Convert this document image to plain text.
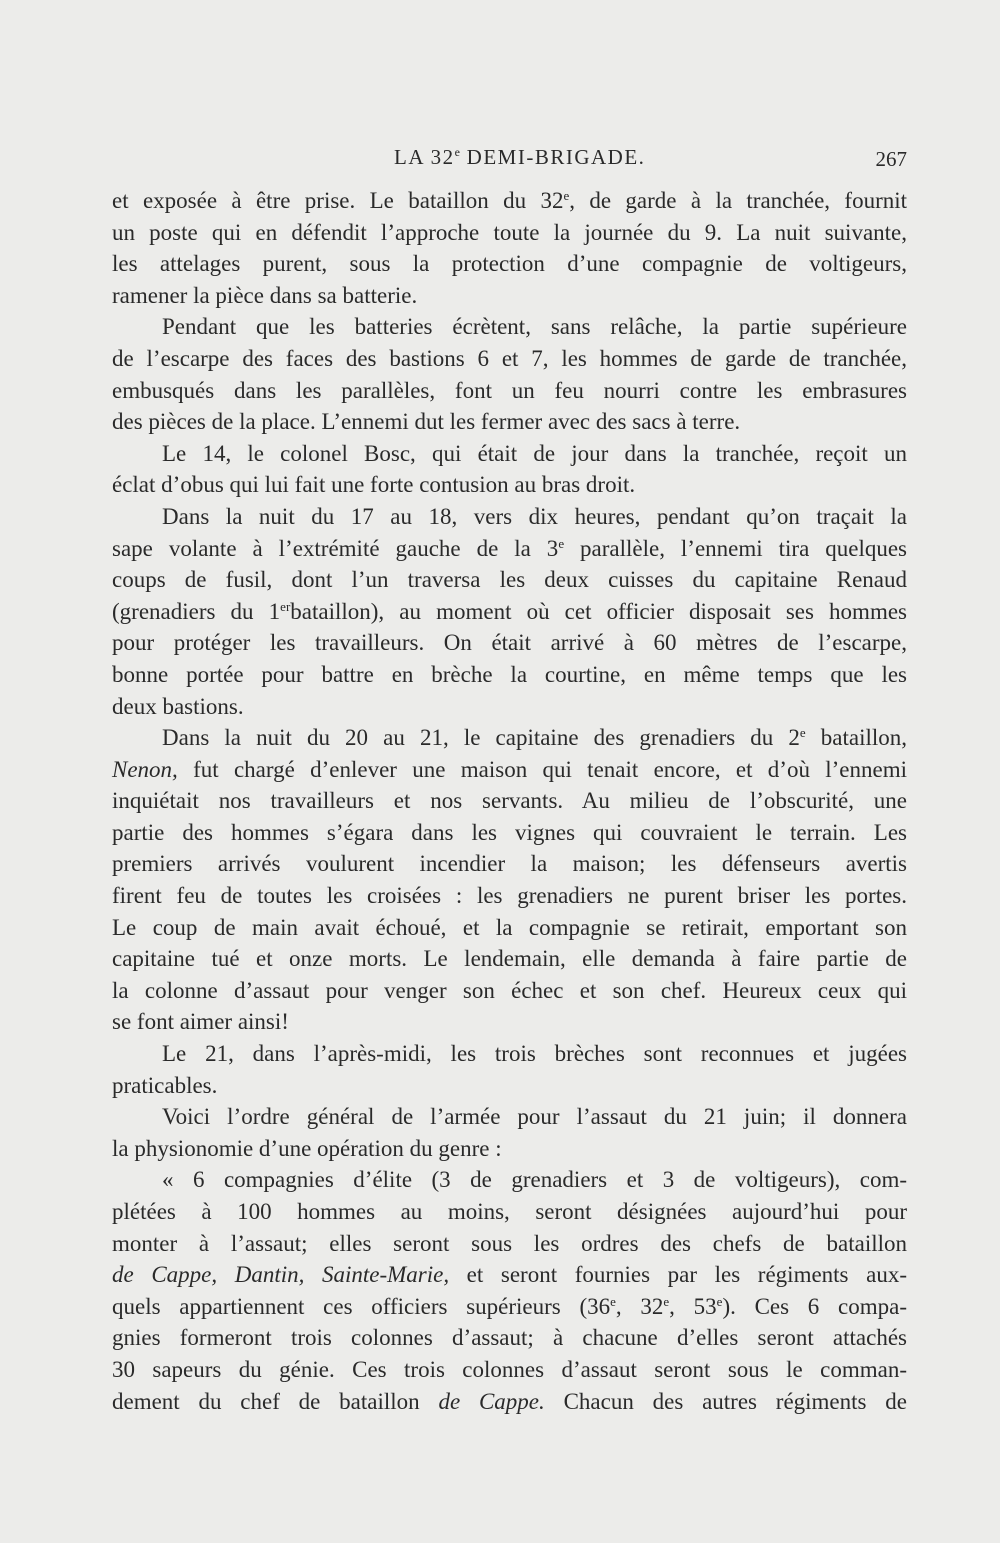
LA 32e DEMI-BRIGADE.	267
et exposée à être prise. Le bataillon du 32e, de garde à la tranchée, fournit
un poste qui en défendit l’approche toute la journée du 9. La nuit suivante,
les attelages purent, sous la protection d’une compagnie de voltigeurs,
ramener la pièce dans sa batterie.
Pendant que les batteries écrètent, sans relâche, la partie supérieure
de l’escarpe des faces des bastions 6 et 7, les hommes de garde de tranchée,
embusqués dans les parallèles, font un feu nourri contre les embrasures
des pièces de la place. L’ennemi dut les fermer avec des sacs à terre.
Le 14, le colonel Bosc, qui était de jour dans la tranchée, reçoit un
éclat d’obus qui lui fait une forte contusion au bras droit.
Dans la nuit du 17 au 18, vers dix heures, pendant qu’on traçait la
sape volante à l’extrémité gauche de la 3e parallèle, l’ennemi tira quelques
coups de fusil, dont l’un traversa les deux cuisses du capitaine Renaud
(grenadiers du 1erbataillon), au moment où cet officier disposait ses hommes
pour protéger les travailleurs. On était arrivé à 60 mètres de l’escarpe,
bonne portée pour battre en brèche la courtine, en même temps que les
deux bastions.
Dans la nuit du 20 au 21, le capitaine des grenadiers du 2e bataillon,
Nenon, fut chargé d’enlever une maison qui tenait encore, et d’où l’ennemi
inquiétait nos travailleurs et nos servants. Au milieu de l’obscurité, une
partie des hommes s’égara dans les vignes qui couvraient le terrain. Les
premiers arrivés voulurent incendier la maison; les défenseurs avertis
firent feu de toutes les croisées : les grenadiers ne purent briser les portes.
Le coup de main avait échoué, et la compagnie se retirait, emportant son
capitaine tué et onze morts. Le lendemain, elle demanda à faire partie de
la colonne d’assaut pour venger son échec et son chef. Heureux ceux qui
se font aimer ainsi!
Le 21, dans l’après-midi, les trois brèches sont reconnues et jugées
praticables.
Voici l’ordre général de l’armée pour l’assaut du 21 juin; il donnera
la physionomie d’une opération du genre :
« 6 compagnies d’élite (3 de grenadiers et 3 de voltigeurs), com-
plétées à 100 hommes au moins, seront désignées aujourd’hui pour
monter à l’assaut; elles seront sous les ordres des chefs de bataillon
de Cappe, Dantin, Sainte-Marie, et seront fournies par les régiments aux-
quels appartiennent ces officiers supérieurs (36e, 32e, 53e). Ces 6 compa-
gnies formeront trois colonnes d’assaut; à chacune d’elles seront attachés
30 sapeurs du génie. Ces trois colonnes d’assaut seront sous le comman-
dement du chef de bataillon de Cappe. Chacun des autres régiments de
